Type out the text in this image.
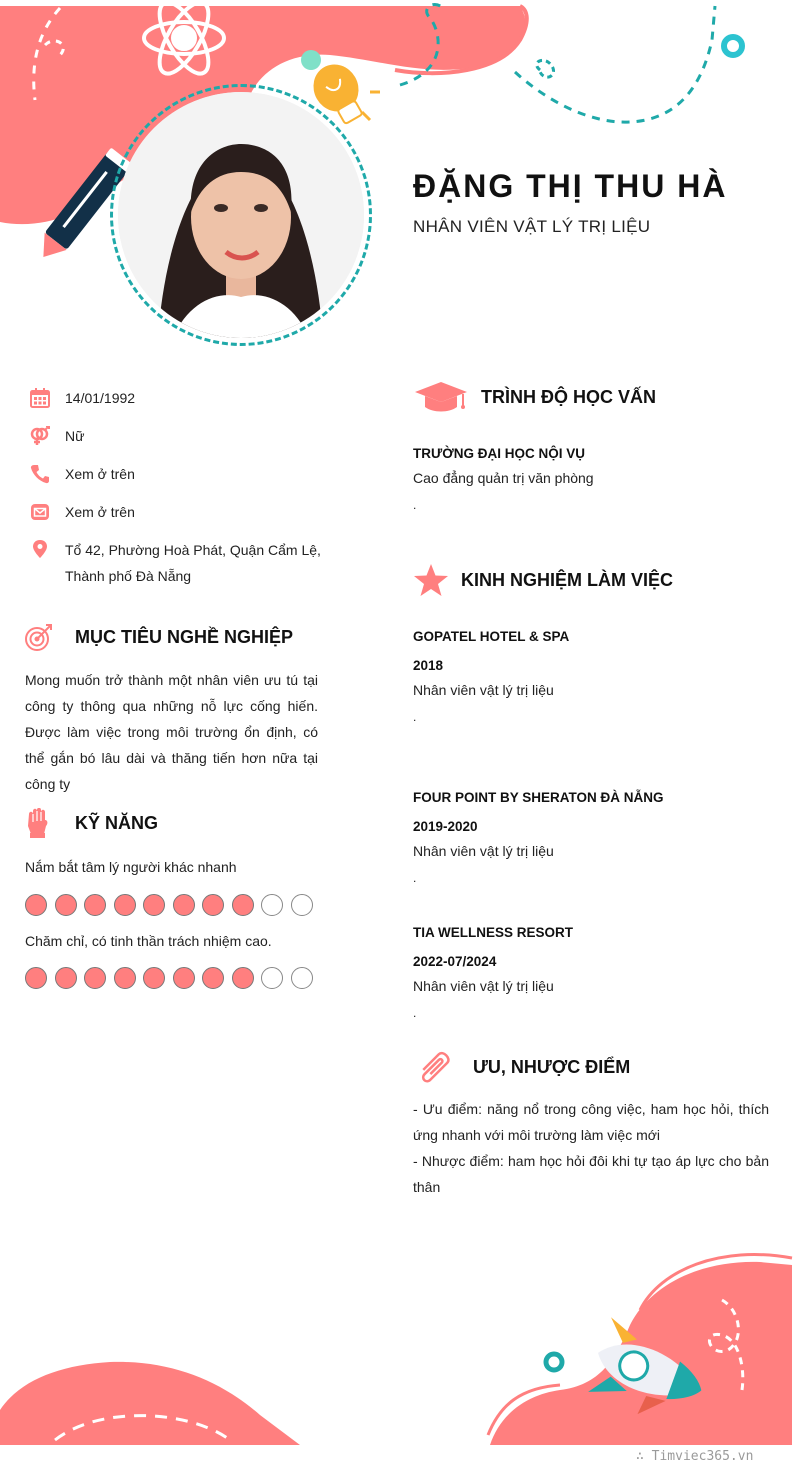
ĐẶNG THỊ THU HÀ
NHÂN VIÊN VẬT LÝ TRỊ LIỆU
14/01/1992
Nữ
Xem ở trên
Xem ở trên
Tổ 42, Phường Hoà Phát, Quận Cẩm Lệ, Thành phố Đà Nẵng
MỤC TIÊU NGHỀ NGHIỆP
Mong muốn trở thành một nhân viên ưu tú tại công ty thông qua những nỗ lực cống hiến. Được làm việc trong môi trường ổn định, có thể gắn bó lâu dài và thăng tiến hơn nữa tại công ty
KỸ NĂNG
Nắm bắt tâm lý người khác nhanh
Chăm chỉ, có tinh thần trách nhiệm cao.
TRÌNH ĐỘ HỌC VẤN
TRƯỜNG ĐẠI HỌC NỘI VỤ
Cao đẳng quản trị văn phòng
.
KINH NGHIỆM LÀM VIỆC
GOPATEL HOTEL & SPA
2018
Nhân viên vật lý trị liệu
.
FOUR POINT BY SHERATON ĐÀ NẴNG
2019-2020
Nhân viên vật lý trị liệu
.
TIA WELLNESS RESORT
2022-07/2024
Nhân viên vật lý trị liệu
.
ƯU, NHƯỢC ĐIỂM
- Ưu điểm: năng nổ trong công việc, ham học hỏi, thích ứng nhanh với môi trường làm việc mới
- Nhược điểm: ham học hỏi đôi khi tự tạo áp lực cho bản thân
∴ Timviec365.vn
